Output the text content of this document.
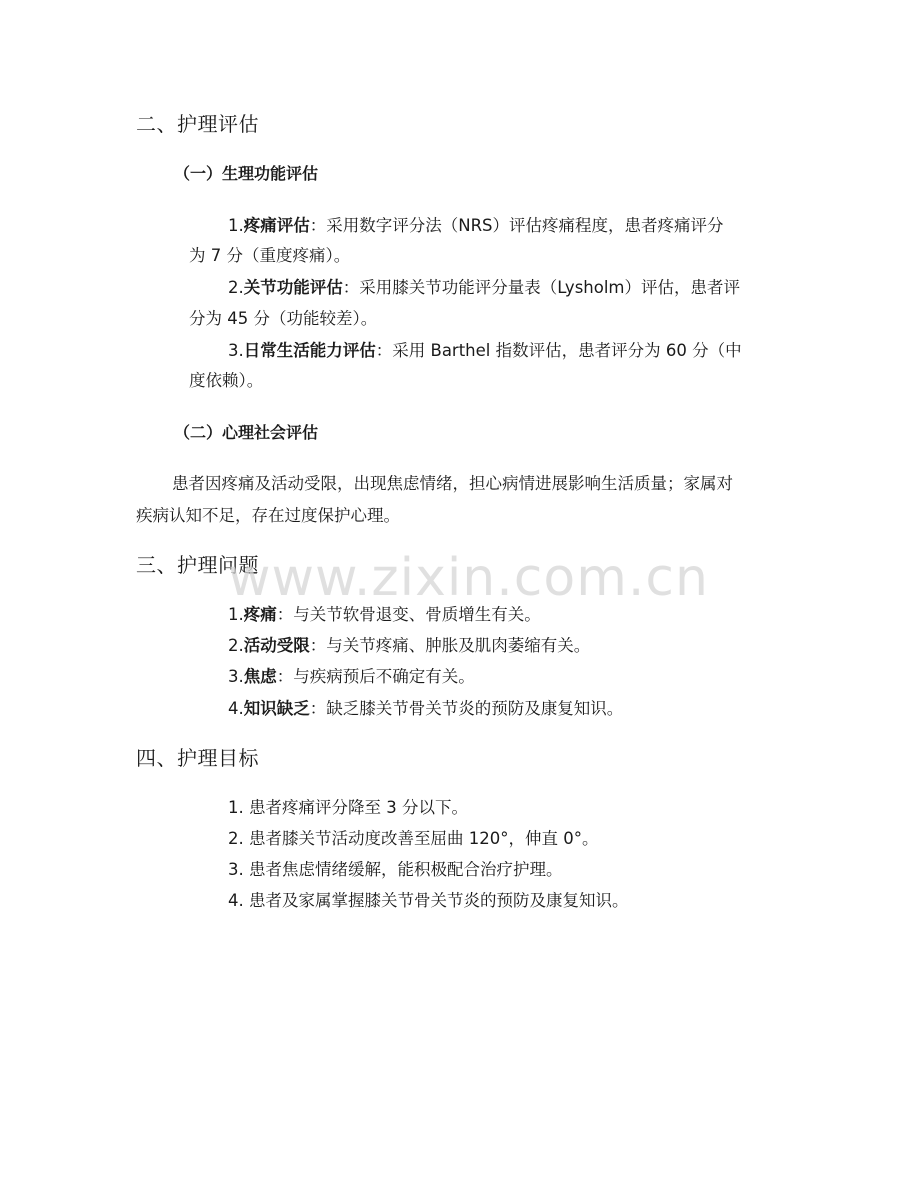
二、护理评估
（一）生理功能评估
1.疼痛评估：采用数字评分法（NRS）评估疼痛程度，患者疼痛评分
为 7 分（重度疼痛）。
2.关节功能评估：采用膝关节功能评分量表（Lysholm）评估，患者评
分为 45 分（功能较差）。
3.日常生活能力评估：采用 Barthel 指数评估，患者评分为 60 分（中
度依赖）。
（二）心理社会评估
患者因疼痛及活动受限，出现焦虑情绪，担心病情进展影响生活质量；家属对
疾病认知不足，存在过度保护心理。
三、护理问题
1.疼痛：与关节软骨退变、骨质增生有关。
2.活动受限：与关节疼痛、肿胀及肌肉萎缩有关。
3.焦虑：与疾病预后不确定有关。
4.知识缺乏：缺乏膝关节骨关节炎的预防及康复知识。
四、护理目标
1. 患者疼痛评分降至 3 分以下。
2. 患者膝关节活动度改善至屈曲 120°，伸直 0°。
3. 患者焦虑情绪缓解，能积极配合治疗护理。
4. 患者及家属掌握膝关节骨关节炎的预防及康复知识。
www.zixin.com.cn
